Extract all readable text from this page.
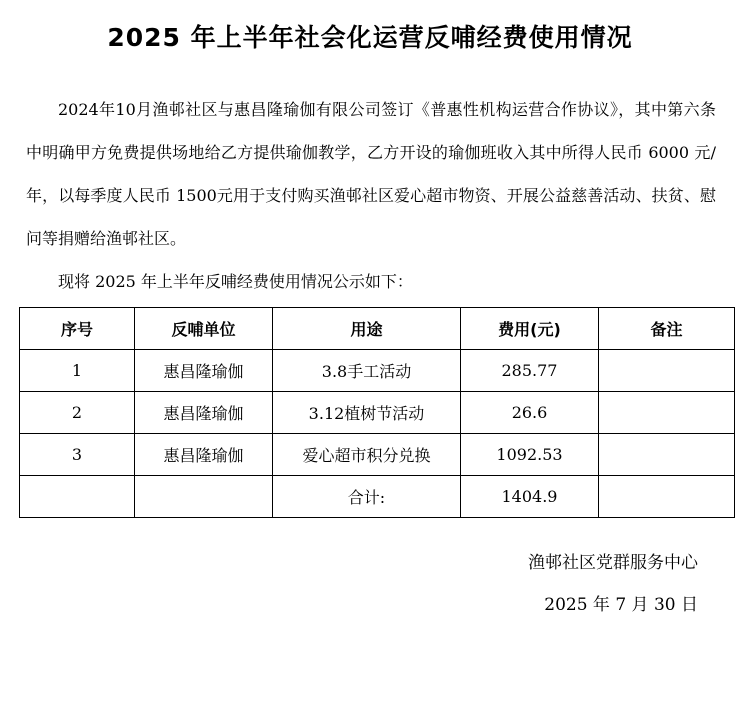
2025 年上半年社会化运营反哺经费使用情况

2024年10月渔邨社区与惠昌隆瑜伽有限公司签订《普惠性机构运营合作协议》，其中第六条中明确甲方免费提供场地给乙方提供瑜伽教学，乙方开设的瑜伽班收入其中所得人民币 6000 元/年，以每季度人民币 1500元用于支付购买渔邨社区爱心超市物资、开展公益慈善活动、扶贫、慰问等捐赠给渔邨社区。

现将 2025 年上半年反哺经费使用情况公示如下：

序号	反哺单位	用途	费用(元)	备注
1	惠昌隆瑜伽	3.8手工活动	285.77	
2	惠昌隆瑜伽	3.12植树节活动	26.6	
3	惠昌隆瑜伽	爱心超市积分兑换	1092.53	
		合计:	1404.9	
渔邨社区党群服务中心
2025 年 7 月 30 日
